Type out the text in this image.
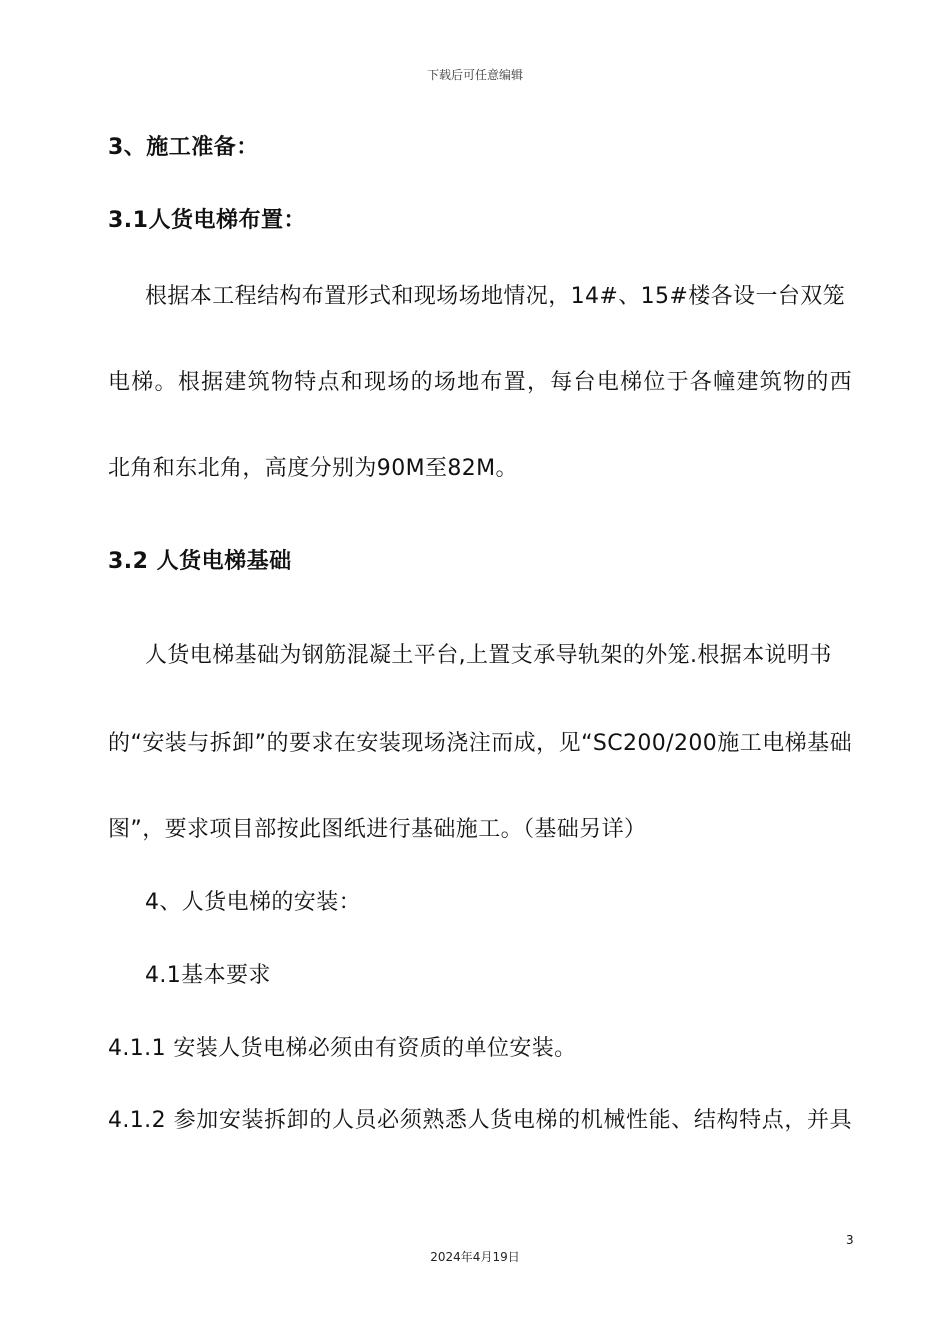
下载后可任意编辑
3、施工准备：
3.1人货电梯布置：
根据本工程结构布置形式和现场场地情况，14#、15#楼各设一台双笼
电梯。根据建筑物特点和现场的场地布置，每台电梯位于各幢建筑物的西
北角和东北角，高度分别为90M至82M。
3.2 人货电梯基础
人货电梯基础为钢筋混凝土平台,上置支承导轨架的外笼.根据本说明书
的“安装与拆卸”的要求在安装现场浇注而成，见“SC200/200施工电梯基础
图”，要求项目部按此图纸进行基础施工。（基础另详）
4、人货电梯的安装：
4.1基本要求
4.1.1 安装人货电梯必须由有资质的单位安装。
4.1.2 参加安装拆卸的人员必须熟悉人货电梯的机械性能、结构特点，并具
3
2024年4月19日
